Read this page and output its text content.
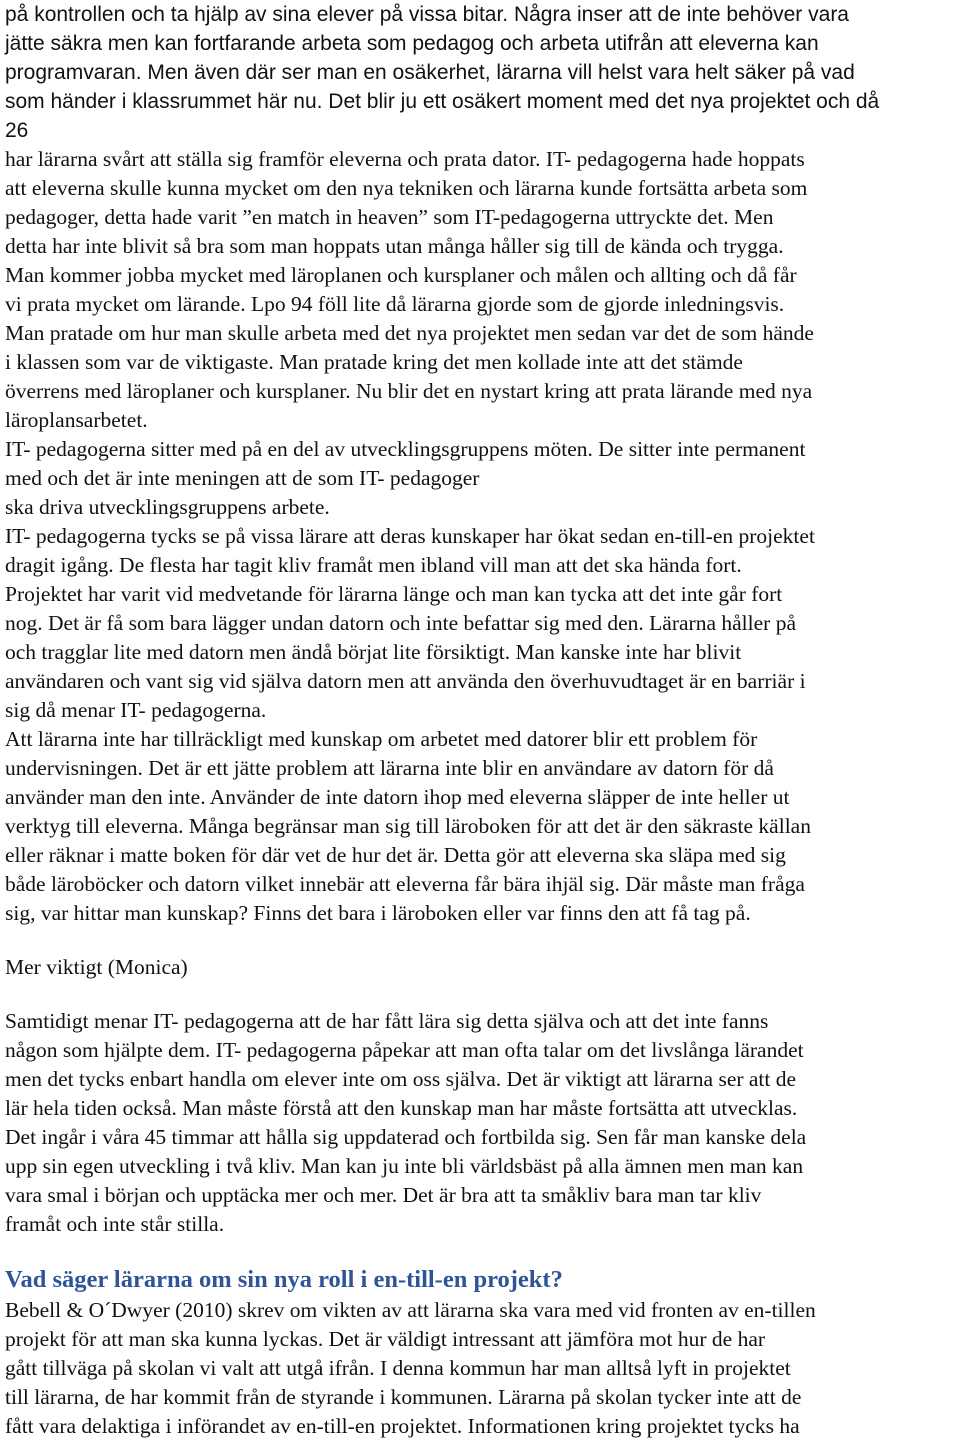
på kontrollen och ta hjälp av sina elever på vissa bitar. Några inser att de inte behöver vara
jätte säkra men kan fortfarande arbeta som pedagog och arbeta utifrån att eleverna kan
programvaran. Men även där ser man en osäkerhet, lärarna vill helst vara helt säker på vad
som händer i klassrummet här nu. Det blir ju ett osäkert moment med det nya projektet och då
26
har lärarna svårt att ställa sig framför eleverna och prata dator. IT- pedagogerna hade hoppats
att eleverna skulle kunna mycket om den nya tekniken och lärarna kunde fortsätta arbeta som
pedagoger, detta hade varit ”en match in heaven” som IT-pedagogerna uttryckte det. Men
detta har inte blivit så bra som man hoppats utan många håller sig till de kända och trygga.
Man kommer jobba mycket med läroplanen och kursplaner och målen och allting och då får
vi prata mycket om lärande. Lpo 94 föll lite då lärarna gjorde som de gjorde inledningsvis.
Man pratade om hur man skulle arbeta med det nya projektet men sedan var det de som hände
i klassen som var de viktigaste. Man pratade kring det men kollade inte att det stämde
överrens med läroplaner och kursplaner. Nu blir det en nystart kring att prata lärande med nya
läroplansarbetet.
IT- pedagogerna sitter med på en del av utvecklingsgruppens möten. De sitter inte permanent
med och det är inte meningen att de som IT- pedagoger
ska driva utvecklingsgruppens arbete.
IT- pedagogerna tycks se på vissa lärare att deras kunskaper har ökat sedan en-till-en projektet
dragit igång. De flesta har tagit kliv framåt men ibland vill man att det ska hända fort.
Projektet har varit vid medvetande för lärarna länge och man kan tycka att det inte går fort
nog. Det är få som bara lägger undan datorn och inte befattar sig med den. Lärarna håller på
och tragglar lite med datorn men ändå börjat lite försiktigt. Man kanske inte har blivit
användaren och vant sig vid själva datorn men att använda den överhuvudtaget är en barriär i
sig då menar IT- pedagogerna.
Att lärarna inte har tillräckligt med kunskap om arbetet med datorer blir ett problem för
undervisningen. Det är ett jätte problem att lärarna inte blir en användare av datorn för då
använder man den inte. Använder de inte datorn ihop med eleverna släpper de inte heller ut
verktyg till eleverna. Många begränsar man sig till läroboken för att det är den säkraste källan
eller räknar i matte boken för där vet de hur det är. Detta gör att eleverna ska släpa med sig
både läroböcker och datorn vilket innebär att eleverna får bära ihjäl sig. Där måste man fråga
sig, var hittar man kunskap? Finns det bara i läroboken eller var finns den att få tag på.
Mer viktigt (Monica)
Samtidigt menar IT- pedagogerna att de har fått lära sig detta själva och att det inte fanns
någon som hjälpte dem. IT- pedagogerna påpekar att man ofta talar om det livslånga lärandet
men det tycks enbart handla om elever inte om oss själva. Det är viktigt att lärarna ser att de
lär hela tiden också. Man måste förstå att den kunskap man har måste fortsätta att utvecklas.
Det ingår i våra 45 timmar att hålla sig uppdaterad och fortbilda sig. Sen får man kanske dela
upp sin egen utveckling i två kliv. Man kan ju inte bli världsbäst på alla ämnen men man kan
vara smal i början och upptäcka mer och mer. Det är bra att ta småkliv bara man tar kliv
framåt och inte står stilla.
Vad säger lärarna om sin nya roll i en-till-en projekt?
Bebell & O´Dwyer (2010) skrev om vikten av att lärarna ska vara med vid fronten av en-tillen
projekt för att man ska kunna lyckas. Det är väldigt intressant att jämföra mot hur de har
gått tillväga på skolan vi valt att utgå ifrån. I denna kommun har man alltså lyft in projektet
till lärarna, de har kommit från de styrande i kommunen. Lärarna på skolan tycker inte att de
fått vara delaktiga i införandet av en-till-en projektet. Informationen kring projektet tycks ha
